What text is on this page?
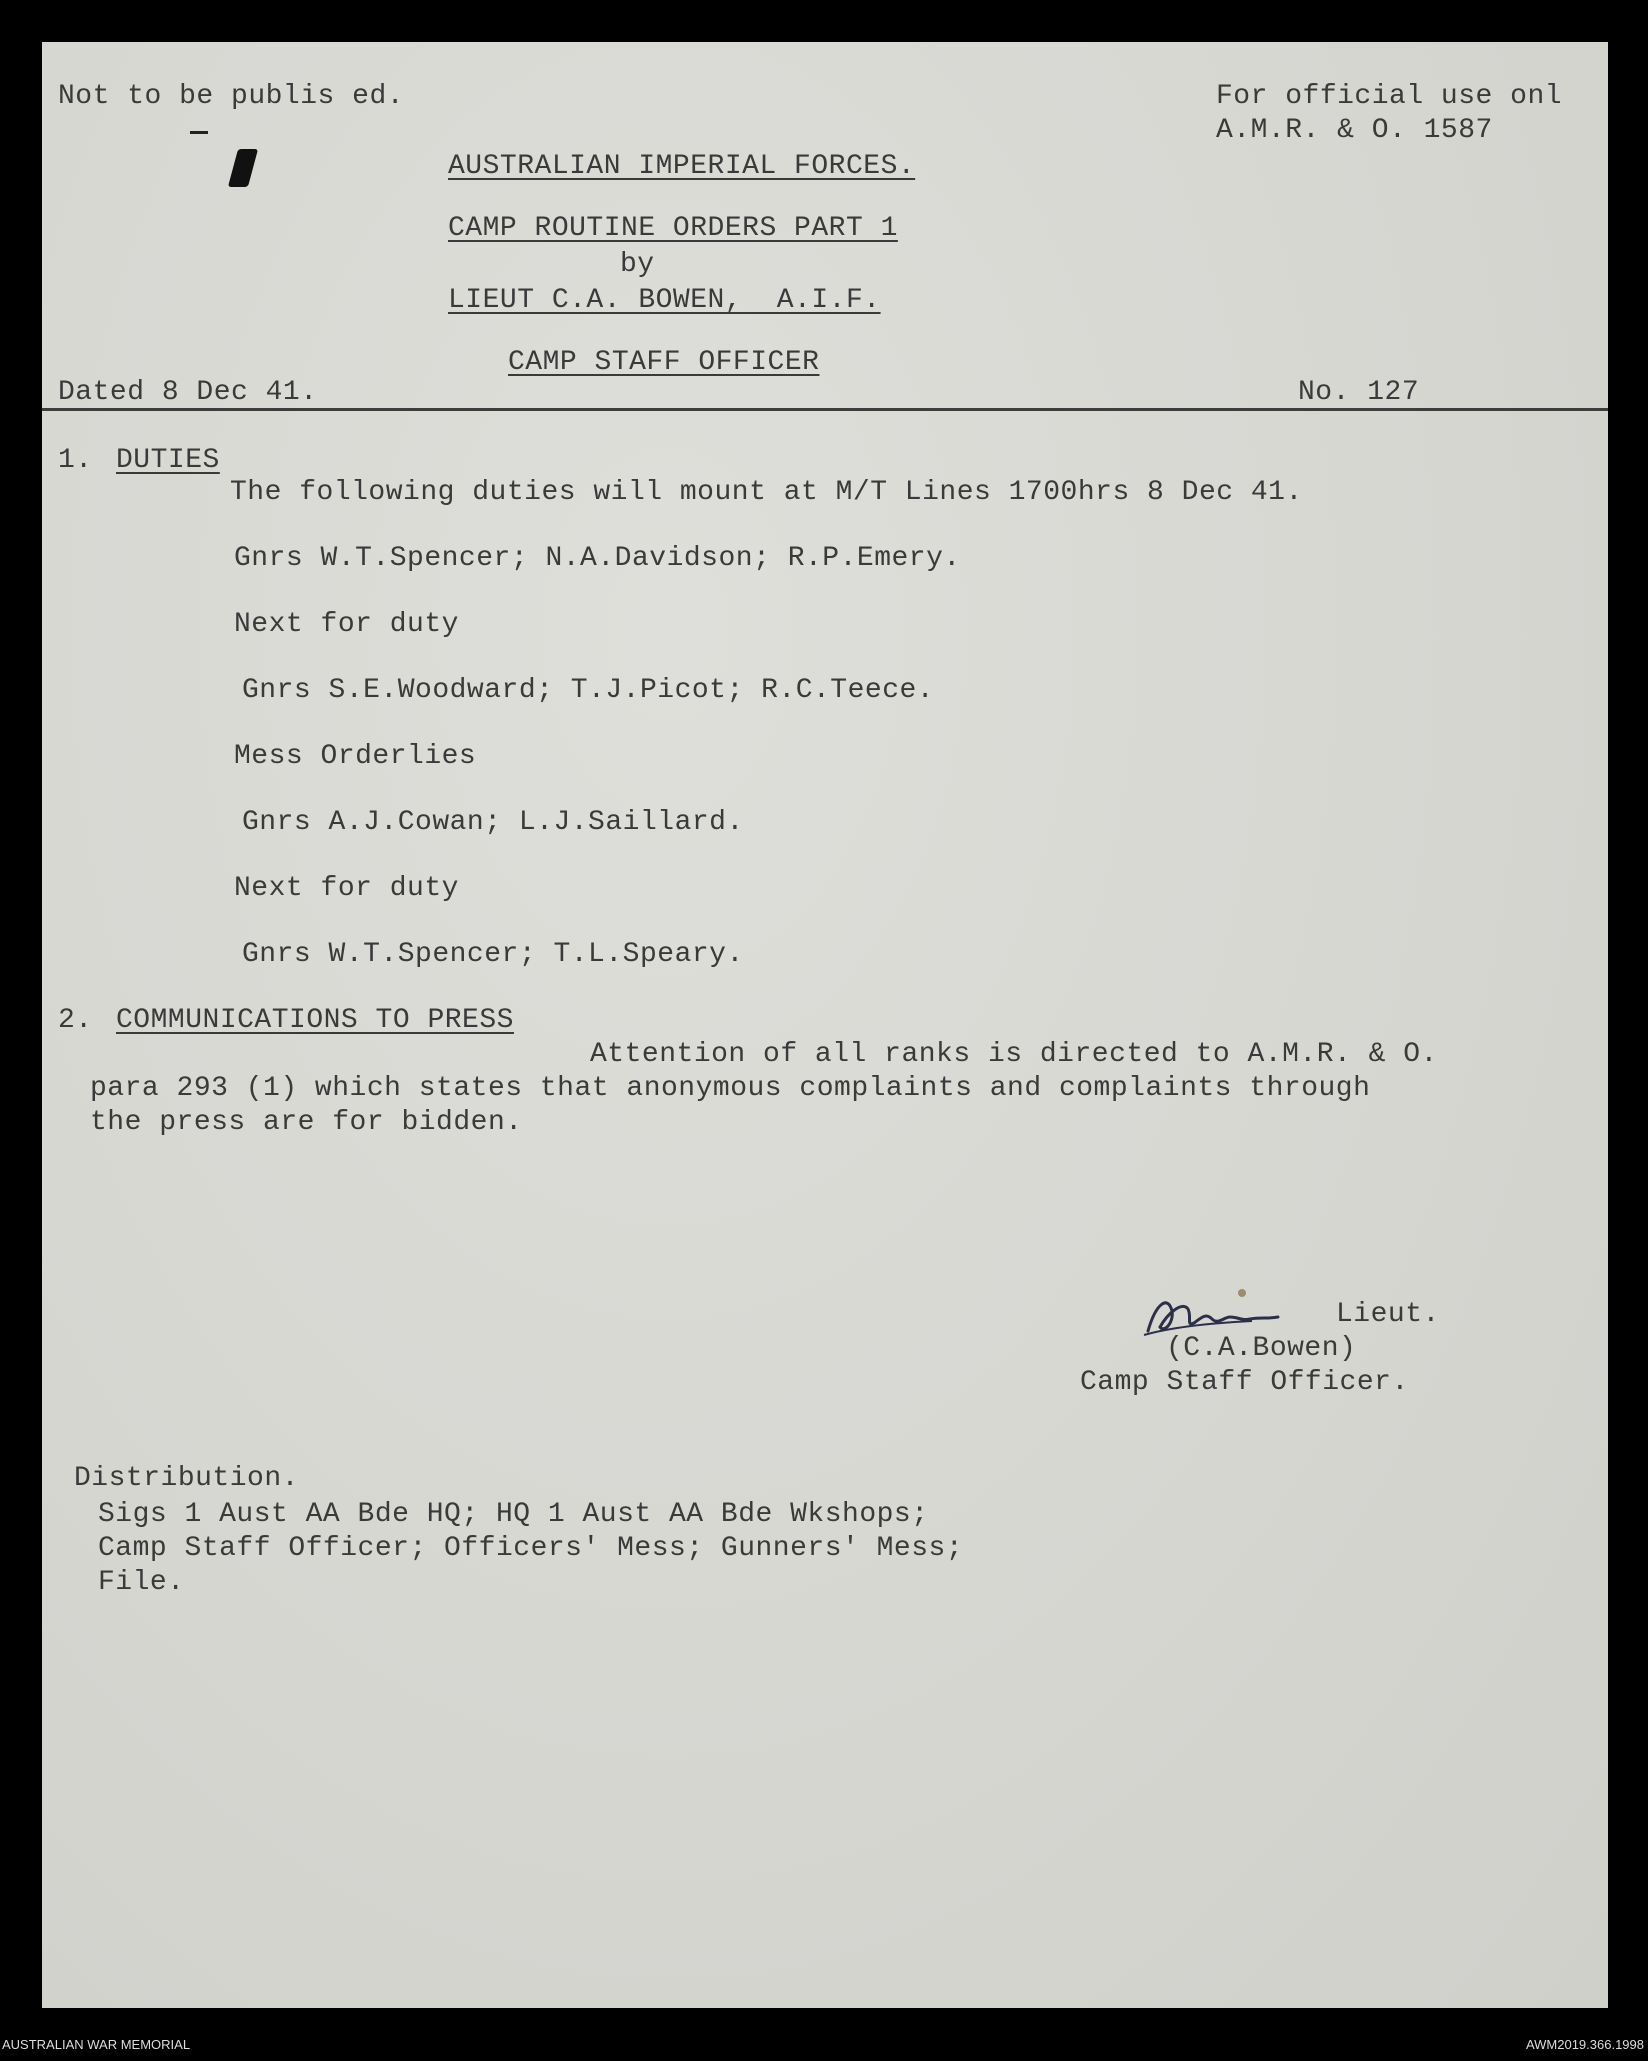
Not to be publis ed.	For official use onl
A.M.R. & O. 1587
AUSTRALIAN IMPERIAL FORCES.
CAMP ROUTINE ORDERS PART 1
by
LIEUT C.A. BOWEN,  A.I.F.
CAMP STAFF OFFICER
Dated 8 Dec 41.	No. 127
1. DUTIES
The following duties will mount at M/T Lines 1700hrs 8 Dec 41.
Gnrs W.T.Spencer; N.A.Davidson; R.P.Emery.
Next for duty
Gnrs S.E.Woodward; T.J.Picot; R.C.Teece.
Mess Orderlies
Gnrs A.J.Cowan; L.J.Saillard.
Next for duty
Gnrs W.T.Spencer; T.L.Speary.
2. COMMUNICATIONS TO PRESS
Attention of all ranks is directed to A.M.R. & O.
para 293 (1) which states that anonymous complaints and complaints through
the press are for bidden.
Lieut.
(C.A.Bowen)
Camp Staff Officer.
Distribution.
Sigs 1 Aust AA Bde HQ; HQ 1 Aust AA Bde Wkshops;
Camp Staff Officer; Officers' Mess; Gunners' Mess;
File.
AUSTRALIAN WAR MEMORIAL	AWM2019.366.1998
